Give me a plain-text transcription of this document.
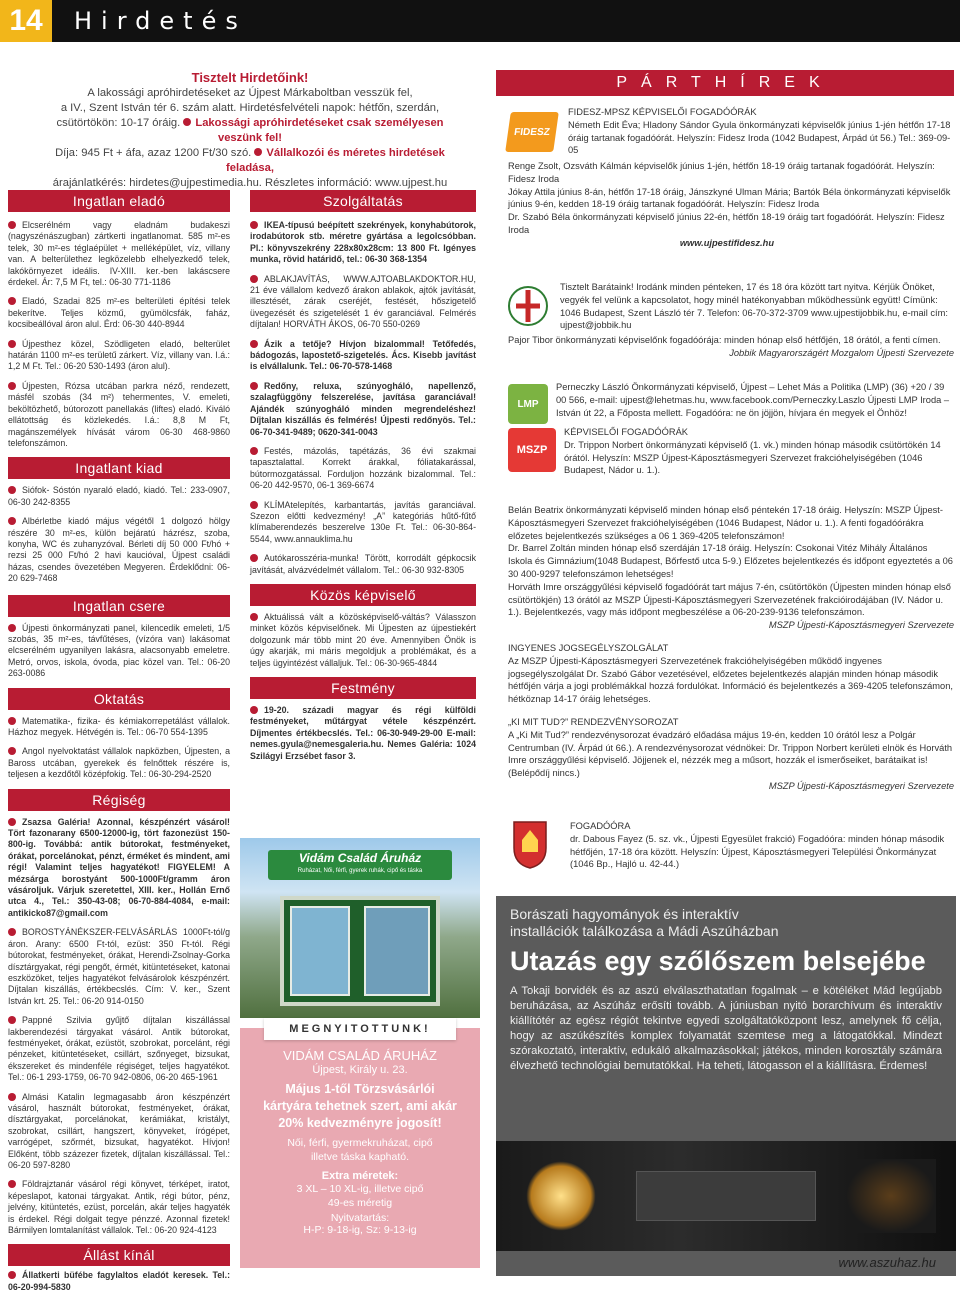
14	Hirdetés
Tisztelt Hirdetőink!
A lakossági apróhirdetéseket az Újpest Márkaboltban vesszük fel,
a IV., Szent István tér 6. szám alatt. Hirdetésfelvételi napok: hétfőn, szerdán,
csütörtökön: 10-17 óráig. Lakossági apróhirdetéseket csak személyesen veszünk fel!
Díja: 945 Ft + áfa, azaz 1200 Ft/30 szó. Vállalkozói és méretes hirdetések feladása,
árajánlatkérés: hirdetes@ujpestimedia.hu. Részletes információ: www.ujpest.hu
Ingatlan eladó

Elcserélném vagy eladnám budakeszi (nagyszénászugban) zártkerti ingatlanomat. 585 m²-es telek, 30 m²-es téglaépület + melléképület, víz, villany van. A belterülethez legközelebb elhelyezkedő telek, lakókörnyezet ideális. IV-XIII. ker.-ben lakáscsere érdekel. Ár: 7,5 M Ft, tel.: 06-30 771-1186

Eladó, Szadai 825 m²-es belterületi építési telek bekerítve. Teljes közmű, gyümölcsfák, faház, kocsibeállóval áron alul. Érd: 06-30 440-8944

Újpesthez közel, Szödligeten eladó, belterület határán 1100 m²-es területű zárkert. Víz, villany van. I.á.: 1,2 M Ft. Tel.: 06-20 530-1493 (áron alul).

Újpesten, Rózsa utcában parkra néző, rendezett, másfél szobás (34 m²) tehermentes, V. emeleti, beköltözhető, bútorozott panellakás (liftes) eladó. Kiváló ellátottság és közlekedés. I.á.: 8,8 M Ft, magánszemélyek hívását várom 06-30 468-9860 telefonszámon.

Ingatlant kiad

Siófok- Sóstón nyaraló eladó, kiadó. Tel.: 233-0907, 06-30 242-8355

Albérletbe kiadó május végétől 1 dolgozó hölgy részére 30 m²-es, külön bejáratú házrész, szoba, konyha, WC és zuhanyzóval. Bérleti díj 50 000 Ft/hó + rezsi 25 000 Ft/hó 2 havi kaucióval, Újpest családi házas, csendes övezetében Megyeren. Érdeklődni: 06-20 629-7468

Ingatlan csere

Újpesti önkormányzati panel, kilencedik emeleti, 1/5 szobás, 35 m²-es, távfűtéses, (vízóra van) lakásomat elcserélném ugyanilyen lakásra, alacsonyabb emeletre. Metró, orvos, iskola, óvoda, piac közel van. Tel.: 06-20 263-0086

Oktatás

Matematika-, fizika- és kémiakorrepetálást vállalok. Házhoz megyek. Hétvégén is. Tel.: 06-70 554-1395

Angol nyelvoktatást vállalok napközben, Újpesten, a Baross utcában, gyerekek és felnőttek részére is, teljesen a kezdőtől középfokig. Tel.: 06-30-294-2520

Régiség

Zsazsa Galéria! Azonnal, készpénzért vásárol! Tört fazonarany 6500-12000-ig, tört fazonezüst 150-800-ig. Továbbá: antik bútorokat, festményeket, órákat, porcelánokat, pénzt, érméket és mindent, ami régi! Valamint teljes hagyatékot! FIGYELEM! A mézsárga borostyánt 500-1000Ft/gramm áron vásároljuk. Várjuk szeretettel, XIII. ker., Hollán Ernő utca 4., Tel.: 350-43-08; 06-70-884-4084, e-mail: antikicko87@gmail.com

BOROSTYÁNÉKSZER-FELVÁSÁRLÁS 1000Ft-tól/g áron. Arany: 6500 Ft-tól, ezüst: 350 Ft-tól. Régi bútorokat, festményeket, órákat, Herendi-Zsolnay-Gorka dísztárgyakat, régi pengőt, érmét, kitüntetéseket, katonai eszközöket, teljes hagyatékot felvásárolok készpénzért. Díjtalan kiszállás, értékbecslés. Cím: V. ker., Szent István krt. 25. Tel.: 06-20 914-0150

Pappné Szilvia gyűjtő díjtalan kiszállással lakberendezési tárgyakat vásárol. Antik bútorokat, festményeket, órákat, ezüstöt, szobrokat, porcelánt, régi pénzeket, kitüntetéseket, csillárt, szőnyeget, bizsukat, ékszereket és mindenféle régiséget, teljes hagyatékot. Tel.: 06-1 293-1759, 06-70 942-0806, 06-20 465-1961

Almási Katalin legmagasabb áron készpénzért vásárol, használt bútorokat, festményeket, órákat, dísztárgyakat, porcelánokat, kerámiákat, kristályt, szobrokat, csillárt, hangszert, könyveket, írógépet, varrógépet, szőrmét, bizsukat, hagyatékot. Hívjon! Előként, több százezer fizetek, díjtalan kiszállással. Tel.: 06-20 597-8280

Földrajztanár vásárol régi könyvet, térképet, iratot, képeslapot, katonai tárgyakat. Antik, régi bútor, pénz, jelvény, kitüntetés, ezüst, porcelán, akár teljes hagyaték is érdekel. Régi dolgait tegye pénzzé. Azonnal fizetek! Bármilyen lomtalanítást vállalok. Tel.: 06-20 924-4123

Állást kínál

Állatkerti büfébe fagylaltos eladót keresek. Tel.: 06-20-994-5830

Szolgáltatás

IKEA-típusú beépített szekrények, konyhabútorok, irodabútorok stb. méretre gyártása a legolcsóbban. Pl.: könyvszekrény 228x80x28cm: 13 800 Ft. Igényes munka, rövid határidő, tel.: 06-30 368-1354

ABLAKJAVÍTÁS, WWW.AJTOABLAKDOKTOR.HU, 21 éve vállalom kedvező árakon ablakok, ajtók javítását, illesztését, zárak cseréjét, festését, hőszigetelő üvegezését és szigetelését 1 év garanciával. Felmérés díjtalan! HORVÁTH ÁKOS, 06-70 550-0269

Ázik a tetője? Hívjon bizalommal! Tetőfedés, bádogozás, lapostető-szigetelés. Ács. Kisebb javítást is elvállalunk. Tel.: 06-70-578-1468

Redőny, reluxa, szúnyogháló, napellenző, szalagfüggöny felszerelése, javítása garanciával! Ajándék szúnyogháló minden megrendeléshez! Díjtalan kiszállás és felmérés! Újpesti redőnyös. Tel.: 06-70-341-9489; 0620-341-0043

Festés, mázolás, tapétázás, 36 évi szakmai tapasztalattal. Korrekt árakkal, fóliatakarással, bútormozgatással. Forduljon hozzánk bizalommal. Tel.: 06-20 442-9570, 06-1 369-6674

KLÍMAtelepítés, karbantartás, javítás garanciával. Szezon előtti kedvezmény! „A” kategóriás hűtő-fűtő klímaberendezés beszerelve 130e Ft. Tel.: 06-30-864-5544, www.annauklima.hu

Autókarosszéria-munka! Törött, korrodált gépkocsik javítását, alvázvédelmét vállalom. Tel.: 06-30 932-8305

Közös képviselő

Aktuálissá vált a közösképviselő-váltás? Válasszon minket közös képviselőnek. Mi Újpesten az újpestiekért dolgozunk már több mint 20 éve. Amennyiben Önök is úgy akarják, mi máris megoldjuk a problémákat, és a teljes ügyintézést vállaljuk. Tel.: 06-30-965-4844

Festmény

19-20. századi magyar és régi külföldi festményeket, műtárgyat vétele készpénzért. Díjmentes értékbecslés. Tel.: 06-30-949-29-00 E-mail: nemes.gyula@nemesgaleria.hu. Nemes Galéria: 1024 Szilágyi Erzsébet fasor 3.

Vidám Család Áruház
Ruházat, Női, férfi, gyerek ruhák, cipő és táska
MEGNYITOTTUNK!
VIDÁM CSALÁD ÁRUHÁZ
Újpest, Király u. 23.
Május 1-től Törzsvásárlói kártyára tehetnek szert, ami akár 20% kedvezményre jogosít!
Női, férfi, gyermekruházat, cipő illetve táska kapható.
Extra méretek:
3 XL – 10 XL-ig, illetve cipő 49-es méretig
Nyitvatartás:
H-P: 9-18-ig, Sz: 9-13-ig
PÁRTHÍREK
FIDESZ
FIDESZ-MPSZ KÉPVISELŐI FOGADÓÓRÁK
Németh Edit Éva; Hladony Sándor Gyula önkormányzati képviselők június 1-jén hétfőn 17-18 óráig tartanak fogadóórát. Helyszín: Fidesz Iroda (1042 Budapest, Árpád út 56.) Tel.: 369-09-05
Renge Zsolt, Ozsváth Kálmán képviselők június 1-jén, hétfőn 18-19 óráig tartanak fogadóórát. Helyszín: Fidesz Iroda
Jókay Attila június 8-án, hétfőn 17-18 óráig, Jánszkyné Ulman Mária; Bartók Béla önkormányzati képviselők június 9-én, kedden 18-19 óráig tartanak fogadóórát. Helyszín: Fidesz Iroda
Dr. Szabó Béla önkormányzati képviselő június 22-én, hétfőn 18-19 óráig tart fogadóórát. Helyszín: Fidesz Iroda
www.ujpestifidesz.hu
Tisztelt Barátaink! Irodánk minden pénteken, 17 és 18 óra között tart nyitva. Kérjük Önöket, vegyék fel velünk a kapcsolatot, hogy minél hatékonyabban működhessünk együtt! Címünk: 1046 Budapest, Szent László tér 7. Telefon: 06-70-372-3709 www.ujpestijobbik.hu, e-mail cím: ujpest@jobbik.hu
Pajor Tibor önkormányzati képviselőnk fogadóórája: minden hónap első hétfőjén, 18 órától, a fenti címen.
Jobbik Magyarországért Mozgalom Újpesti Szervezete
LMP
Perneczky László Önkormányzati képviselő, Újpest – Lehet Más a Politika (LMP) (36) +20 / 39 00 566, e-mail: ujpest@lehetmas.hu, www.facebook.com/Perneczky.Laszlo Újpesti LMP Iroda – István út 22, a Főposta mellett. Fogadóóra: ne ön jöjjön, hívjara én megyek el Önhöz!
MSZP
KÉPVISELŐI FOGADÓÓRÁK
Dr. Trippon Norbert önkormányzati képviselő (1. vk.) minden hónap második csütörtökén 14 órától. Helyszín: MSZP Újpest-Káposztásmegyeri Szervezet frakcióhelyiségében (1046 Budapest, Nádor u. 1.).
Belán Beatrix önkormányzati képviselő minden hónap első péntekén 17-18 óráig. Helyszín: MSZP Újpest-Káposztásmegyeri Szervezet frakcióhelyiségében (1046 Budapest, Nádor u. 1.). A fenti fogadóórákra előzetes bejelentkezés szükséges a 06 1 369-4205 telefonszámon!
Dr. Barrel Zoltán minden hónap első szerdáján 17-18 óráig. Helyszín: Csokonai Vitéz Mihály Általános Iskola és Gimnázium(1048 Budapest, Bőrfestő utca 5-9.) Előzetes bejelentkezés és időpont egyeztetés a 06 30 400-9297 telefonszámon lehetséges!
Horváth Imre országgyűlési képviselő fogadóórát tart május 7-én, csütörtökön (Újpesten minden hónap első csütörtökjén) 13 órától az MSZP Újpesti-Káposztásmegyeri Szervezetének frakcióirodájában (IV. Nádor u. 1.). Bejelentkezés, vagy más időpont megbeszélése a 06-20-239-9136 telefonszámon.
MSZP Újpesti-Káposztásmegyeri Szervezete
INGYENES JOGSEGÉLYSZOLGÁLAT
Az MSZP Újpesti-Káposztásmegyeri Szervezetének frakcióhelyiségében működő ingyenes jogsegélyszolgálat Dr. Szabó Gábor vezetésével, előzetes bejelentkezés alapján minden hónap második hétfőjén várja a jogi problémákkal hozzá fordulókat. Információ és bejelentkezés a 369-4205 telefonszámon, hétköznap 14-17 óráig lehetséges.
„KI MIT TUD?” RENDEZVÉNYSOROZAT
A „Ki Mit Tud?” rendezvénysorozat évadzáró előadása május 19-én, kedden 10 órától lesz a Polgár Centrumban (IV. Árpád út 66.). A rendezvénysorozat védnökei: Dr. Trippon Norbert kerületi elnök és Horváth Imre országgyűlési képviselő. Jöjjenek el, nézzék meg a műsort, hozzák el ismerőseiket, barátaikat is! (Belépődíj nincs.)
MSZP Újpesti-Káposztásmegyeri Szervezete
FOGADÓÓRA
dr. Dabous Fayez (5. sz. vk., Újpesti Egyesület frakció) Fogadóóra: minden hónap második hétfőjén, 17-18 óra között. Helyszín: Újpest, Káposztásmegyeri Települési Önkormányzat (1046 Bp., Hajló u. 42-44.)
Borászati hagyományok és interaktív
installációk találkozása a Mádi Aszúházban
Utazás egy szőlőszem belsejébe
A Tokaji borvidék és az aszú elválaszthatatlan fogalmak – e kötéléket Mád legújabb beruházása, az Aszúház erősíti tovább. A júniusban nyitó borarchívum és interaktív kiállítótér az egész régiót tekintve egyedi szolgáltatóközpont lesz, amelynek fő célja, hogy az aszúkészítés komplex folyamatát szemtese meg a látogatókkal. Mindezt szórakoztató, interaktív, edukáló alkalmazásokkal; játékos, minden korosztály számára élvezhető technológiai bemutatókkal. Ha teheti, látogasson el a kiállításra. Érdemes!
www.aszuhaz.hu
